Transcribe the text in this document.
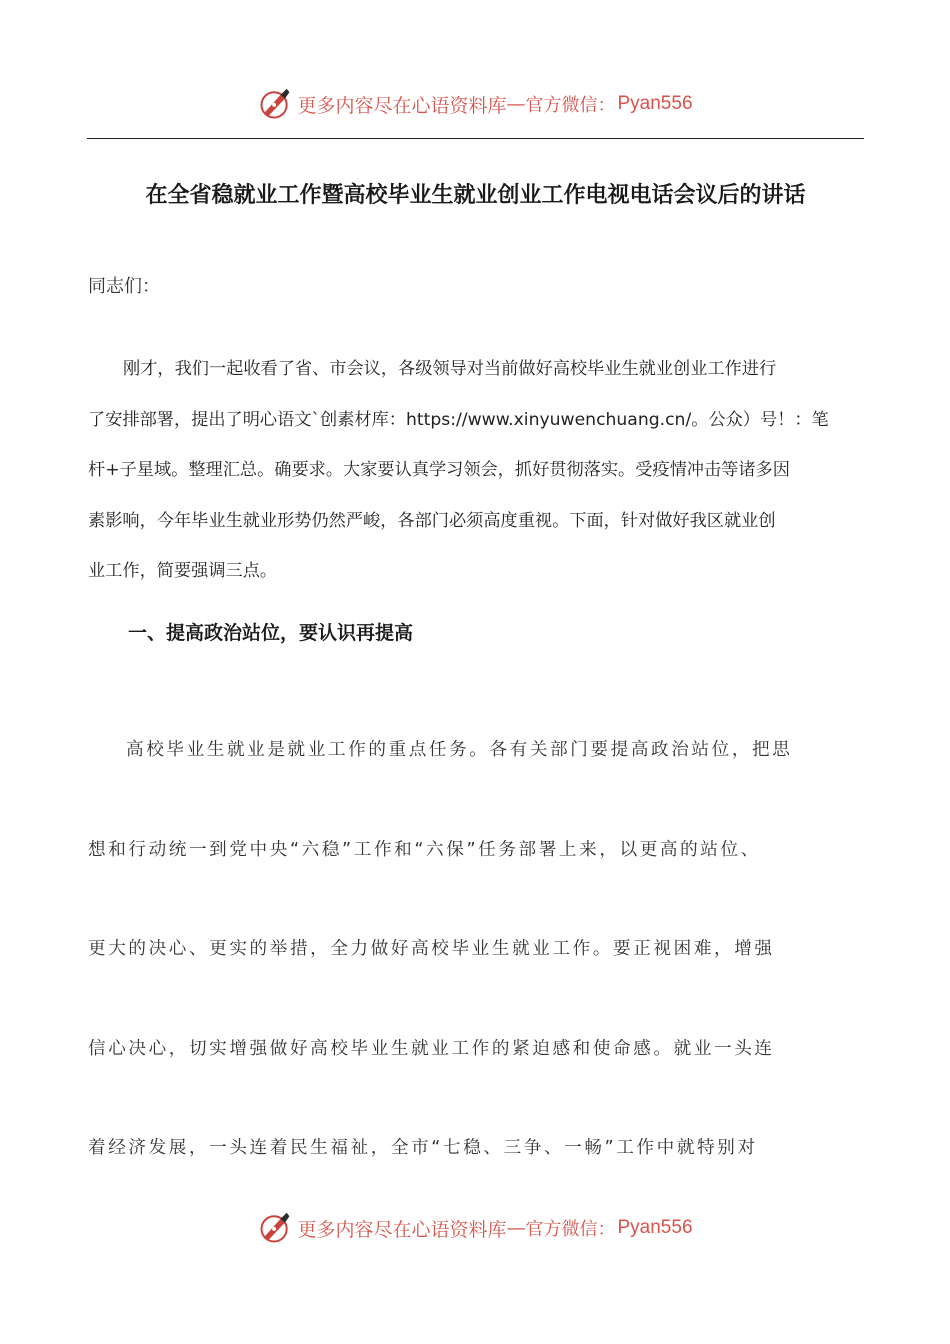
更多内容尽在心语资料库 — 官方微信： Pyan556
在全省稳就业工作暨高校毕业生就业创业工作电视电话会议后的讲话
同志们：
刚才，我们一起收看了省、市会议，各级领导对当前做好高校毕业生就业创业工作进行
了安排部署，提出了明心语文`创素材库：https://www.xinyuwenchuang.cn/。公众）号！：笔
杆+子星域。整理汇总。确要求。大家要认真学习领会，抓好贯彻落实。受疫情冲击等诸多因
素影响，今年毕业生就业形势仍然严峻，各部门必须高度重视。下面，针对做好我区就业创
业工作，简要强调三点。
一、提高政治站位，要认识再提高
高校毕业生就业是就业工作的重点任务。各有关部门要提高政治站位，把思
想和行动统一到党中央“六稳”工作和“六保”任务部署上来，以更高的站位、
更大的决心、更实的举措，全力做好高校毕业生就业工作。要正视困难，增强
信心决心，切实增强做好高校毕业生就业工作的紧迫感和使命感。就业一头连
着经济发展，一头连着民生福祉，全市“七稳、三争、一畅”工作中就特别对
更多内容尽在心语资料库 — 官方微信： Pyan556
